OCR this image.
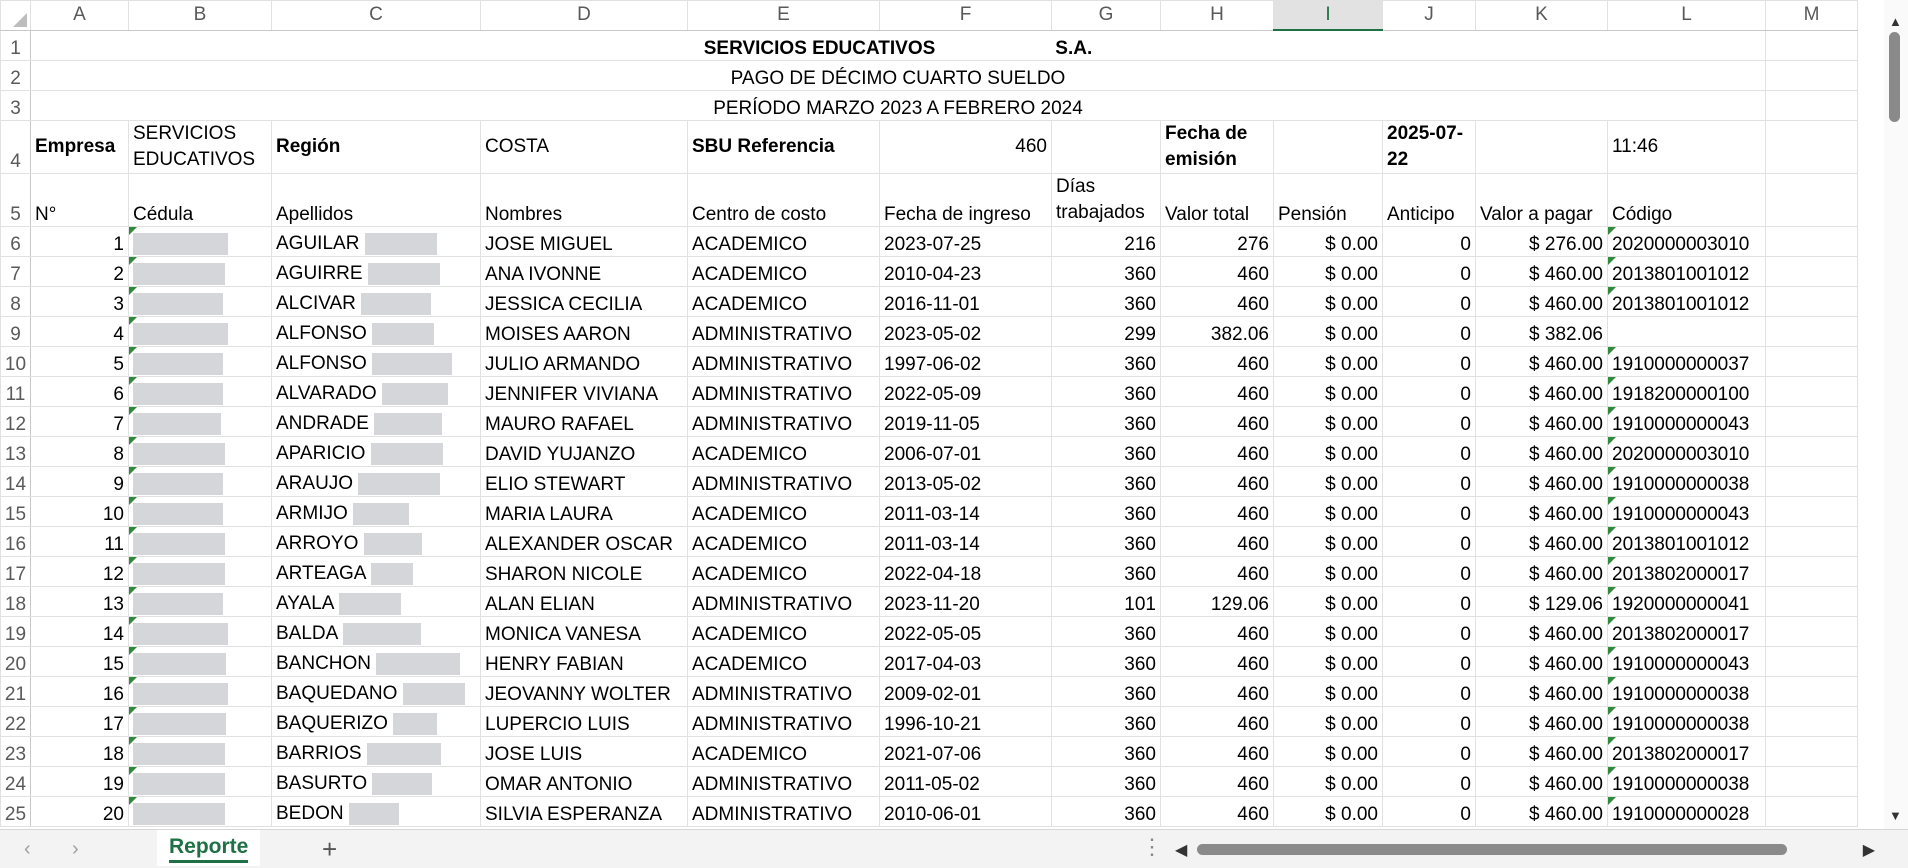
	A	B	C	D	E	F	G	H	I	J	K	L	M	
1	SERVICIOS EDUCATIVOS S.A.													
2	PAGO DE DÉCIMO CUARTO SUELDO													
3	PERÍODO MARZO 2023 A FEBRERO 2024													
4	Empresa	SERVICIOS EDUCATIVOS	Región	COSTA	SBU Referencia	460		Fecha de emisión		2025-07-22		11:46		
5	N°	Cédula	Apellidos	Nombres	Centro de costo	Fecha de ingreso	Días trabajados	Valor total	Pensión	Anticipo	Valor a pagar	Código		
6	1		AGUILAR	JOSE MIGUEL	ACADEMICO	2023-07-25	216	276	$ 0.00	0	$ 276.00	2020000003010		
7	2		AGUIRRE	ANA IVONNE	ACADEMICO	2010-04-23	360	460	$ 0.00	0	$ 460.00	2013801001012		
8	3		ALCIVAR	JESSICA CECILIA	ACADEMICO	2016-11-01	360	460	$ 0.00	0	$ 460.00	2013801001012		
9	4		ALFONSO	MOISES AARON	ADMINISTRATIVO	2023-05-02	299	382.06	$ 0.00	0	$ 382.06			
10	5		ALFONSO	JULIO ARMANDO	ADMINISTRATIVO	1997-06-02	360	460	$ 0.00	0	$ 460.00	1910000000037		
11	6		ALVARADO	JENNIFER VIVIANA	ADMINISTRATIVO	2022-05-09	360	460	$ 0.00	0	$ 460.00	1918200000100		
12	7		ANDRADE	MAURO RAFAEL	ADMINISTRATIVO	2019-11-05	360	460	$ 0.00	0	$ 460.00	1910000000043		
13	8		APARICIO	DAVID YUJANZO	ACADEMICO	2006-07-01	360	460	$ 0.00	0	$ 460.00	2020000003010		
14	9		ARAUJO	ELIO STEWART	ADMINISTRATIVO	2013-05-02	360	460	$ 0.00	0	$ 460.00	1910000000038		
15	10		ARMIJO	MARIA LAURA	ACADEMICO	2011-03-14	360	460	$ 0.00	0	$ 460.00	1910000000043		
16	11		ARROYO	ALEXANDER OSCAR	ACADEMICO	2011-03-14	360	460	$ 0.00	0	$ 460.00	2013801001012		
17	12		ARTEAGA	SHARON NICOLE	ACADEMICO	2022-04-18	360	460	$ 0.00	0	$ 460.00	2013802000017		
18	13		AYALA	ALAN ELIAN	ADMINISTRATIVO	2023-11-20	101	129.06	$ 0.00	0	$ 129.06	1920000000041		
19	14		BALDA	MONICA VANESA	ACADEMICO	2022-05-05	360	460	$ 0.00	0	$ 460.00	2013802000017		
20	15		BANCHON	HENRY FABIAN	ACADEMICO	2017-04-03	360	460	$ 0.00	0	$ 460.00	1910000000043		
21	16		BAQUEDANO	JEOVANNY WOLTER	ADMINISTRATIVO	2009-02-01	360	460	$ 0.00	0	$ 460.00	1910000000038		
22	17		BAQUERIZO	LUPERCIO LUIS	ADMINISTRATIVO	1996-10-21	360	460	$ 0.00	0	$ 460.00	1910000000038		
23	18		BARRIOS	JOSE LUIS	ACADEMICO	2021-07-06	360	460	$ 0.00	0	$ 460.00	2013802000017		
24	19		BASURTO	OMAR ANTONIO	ADMINISTRATIVO	2011-05-02	360	460	$ 0.00	0	$ 460.00	1910000000038		
25	20		BEDON	SILVIA ESPERANZA	ADMINISTRATIVO	2010-06-01	360	460	$ 0.00	0	$ 460.00	1910000000028		
▲
▼
‹ ›	Reporte	+	⋮ ◀	▶
